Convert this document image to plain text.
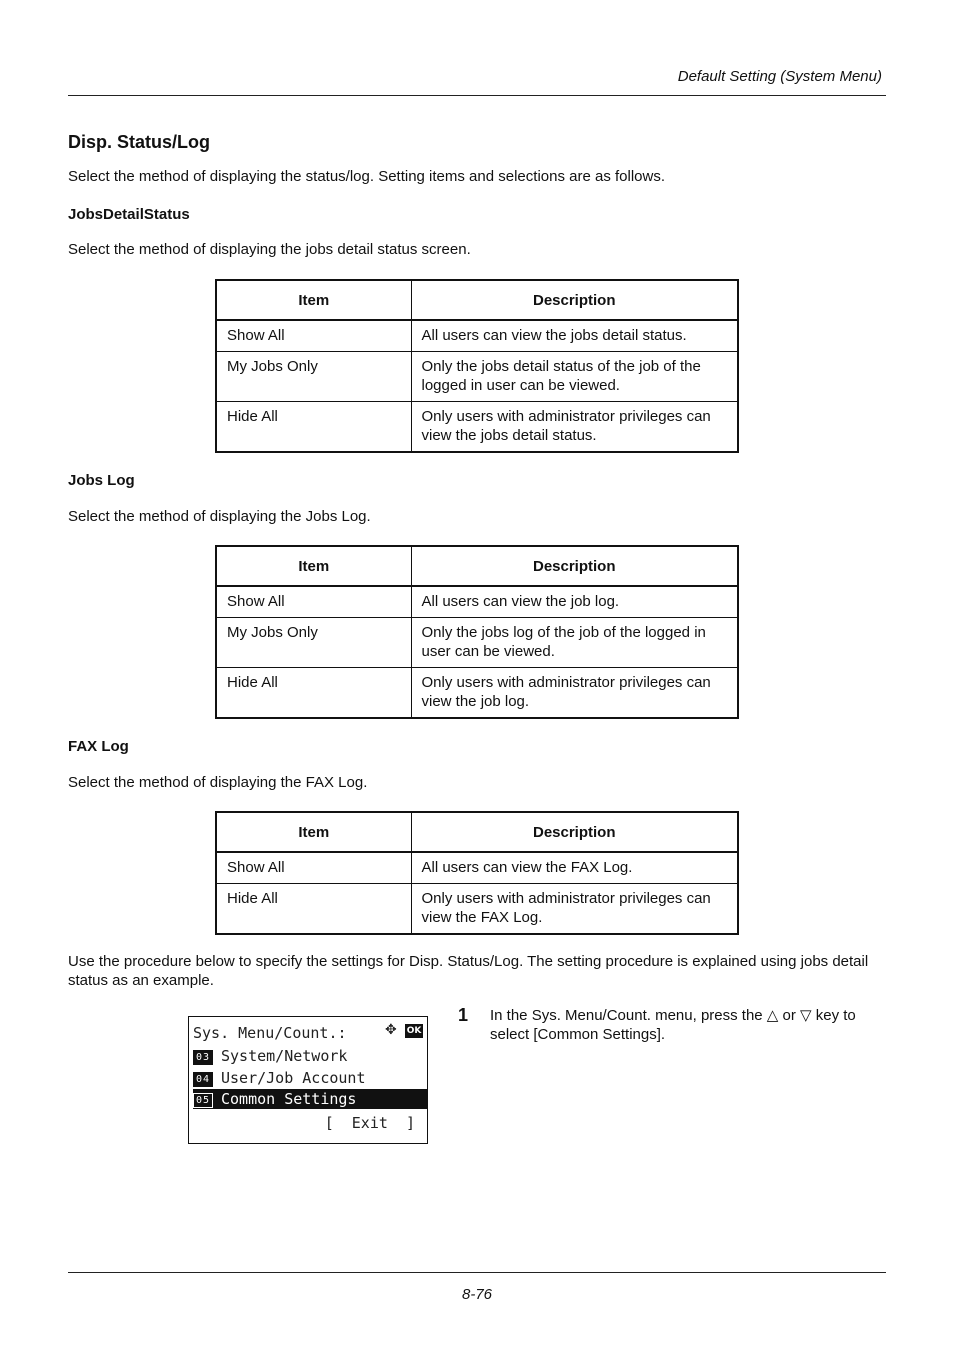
Default Setting (System Menu)
Disp. Status/Log
Select the method of displaying the status/log. Setting items and selections are as follows.
JobsDetailStatus
Select the method of displaying the jobs detail status screen.
Item	Description
Show All	All users can view the jobs detail status.
My Jobs Only	Only the jobs detail status of the job of the logged in user can be viewed.
Hide All	Only users with administrator privileges can view the jobs detail status.
Jobs Log
Select the method of displaying the Jobs Log.
Item	Description
Show All	All users can view the job log.
My Jobs Only	Only the jobs log of the job of the logged in user can be viewed.
Hide All	Only users with administrator privileges can view the job log.
FAX Log
Select the method of displaying the FAX Log.
Item	Description
Show All	All users can view the FAX Log.
Hide All	Only users with administrator privileges can view the FAX Log.
Use the procedure below to specify the settings for Disp. Status/Log. The setting procedure is explained using jobs detail status as an example.
Sys. Menu/Count.:	✥ OK
03 System/Network
04 User/Job Account
05 Common Settings
[  Exit  ]
1 In the Sys. Menu/Count. menu, press the △ or ▽ key to select [Common Settings].
8-76
